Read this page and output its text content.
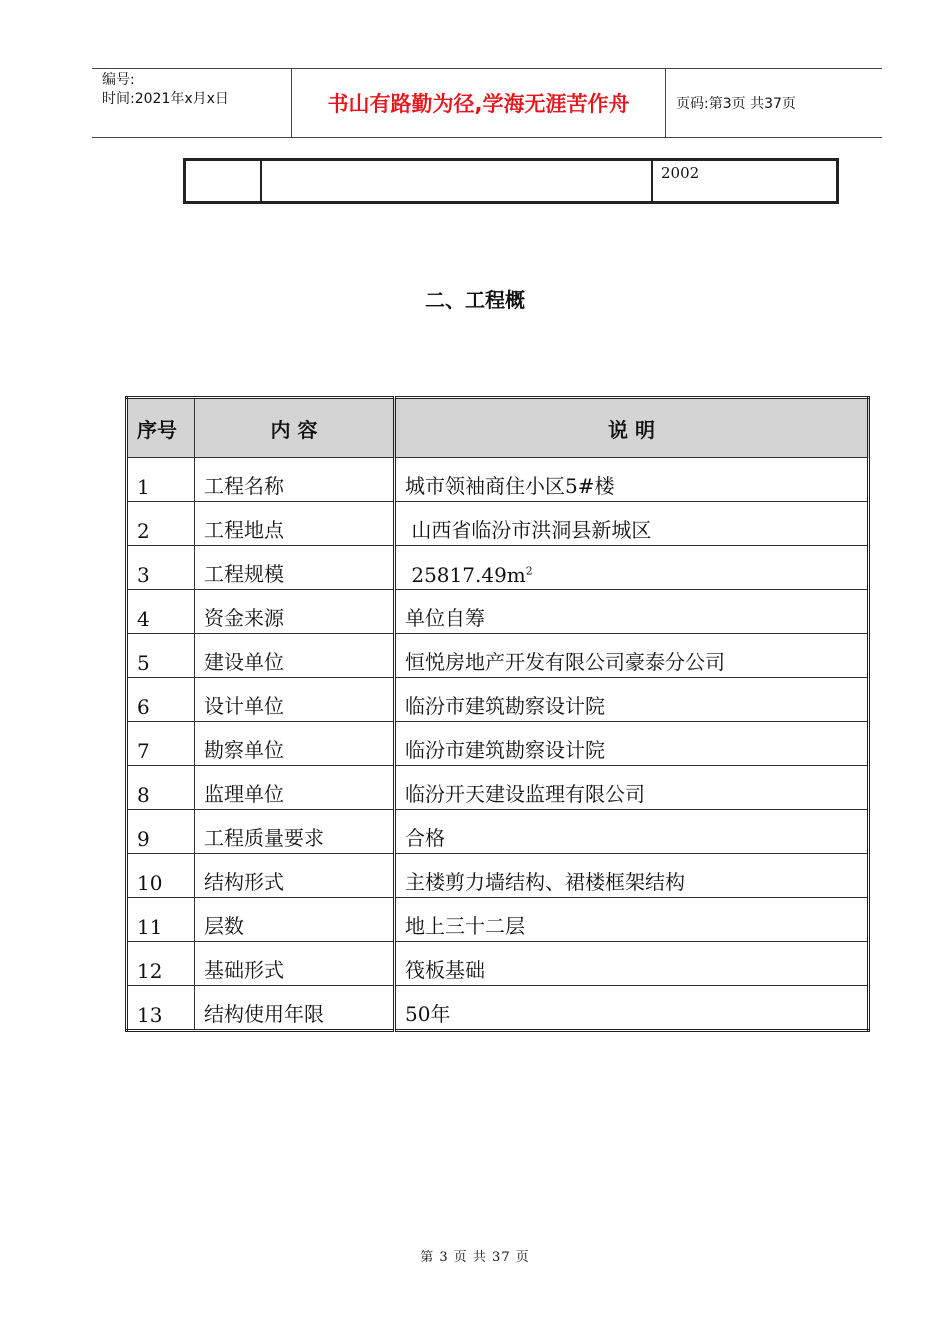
编号:
时间:2021年x月x日	书山有路勤为径,学海无涯苦作舟	页码:第3页 共37页
2002
二、工程概
序号	内 容	说 明
1	工程名称	城市领袖商住小区5#楼
2	工程地点	山西省临汾市洪洞县新城区
3	工程规模	$25817.49m^2$
4	资金来源	单位自筹
5	建设单位	恒悦房地产开发有限公司豪泰分公司
6	设计单位	临汾市建筑勘察设计院
7	勘察单位	临汾市建筑勘察设计院
8	监理单位	临汾开天建设监理有限公司
9	工程质量要求	合格
10	结构形式	主楼剪力墙结构、裙楼框架结构
11	层数	地上三十二层
12	基础形式	筏板基础
13	结构使用年限	50年
第 3 页 共 37 页
